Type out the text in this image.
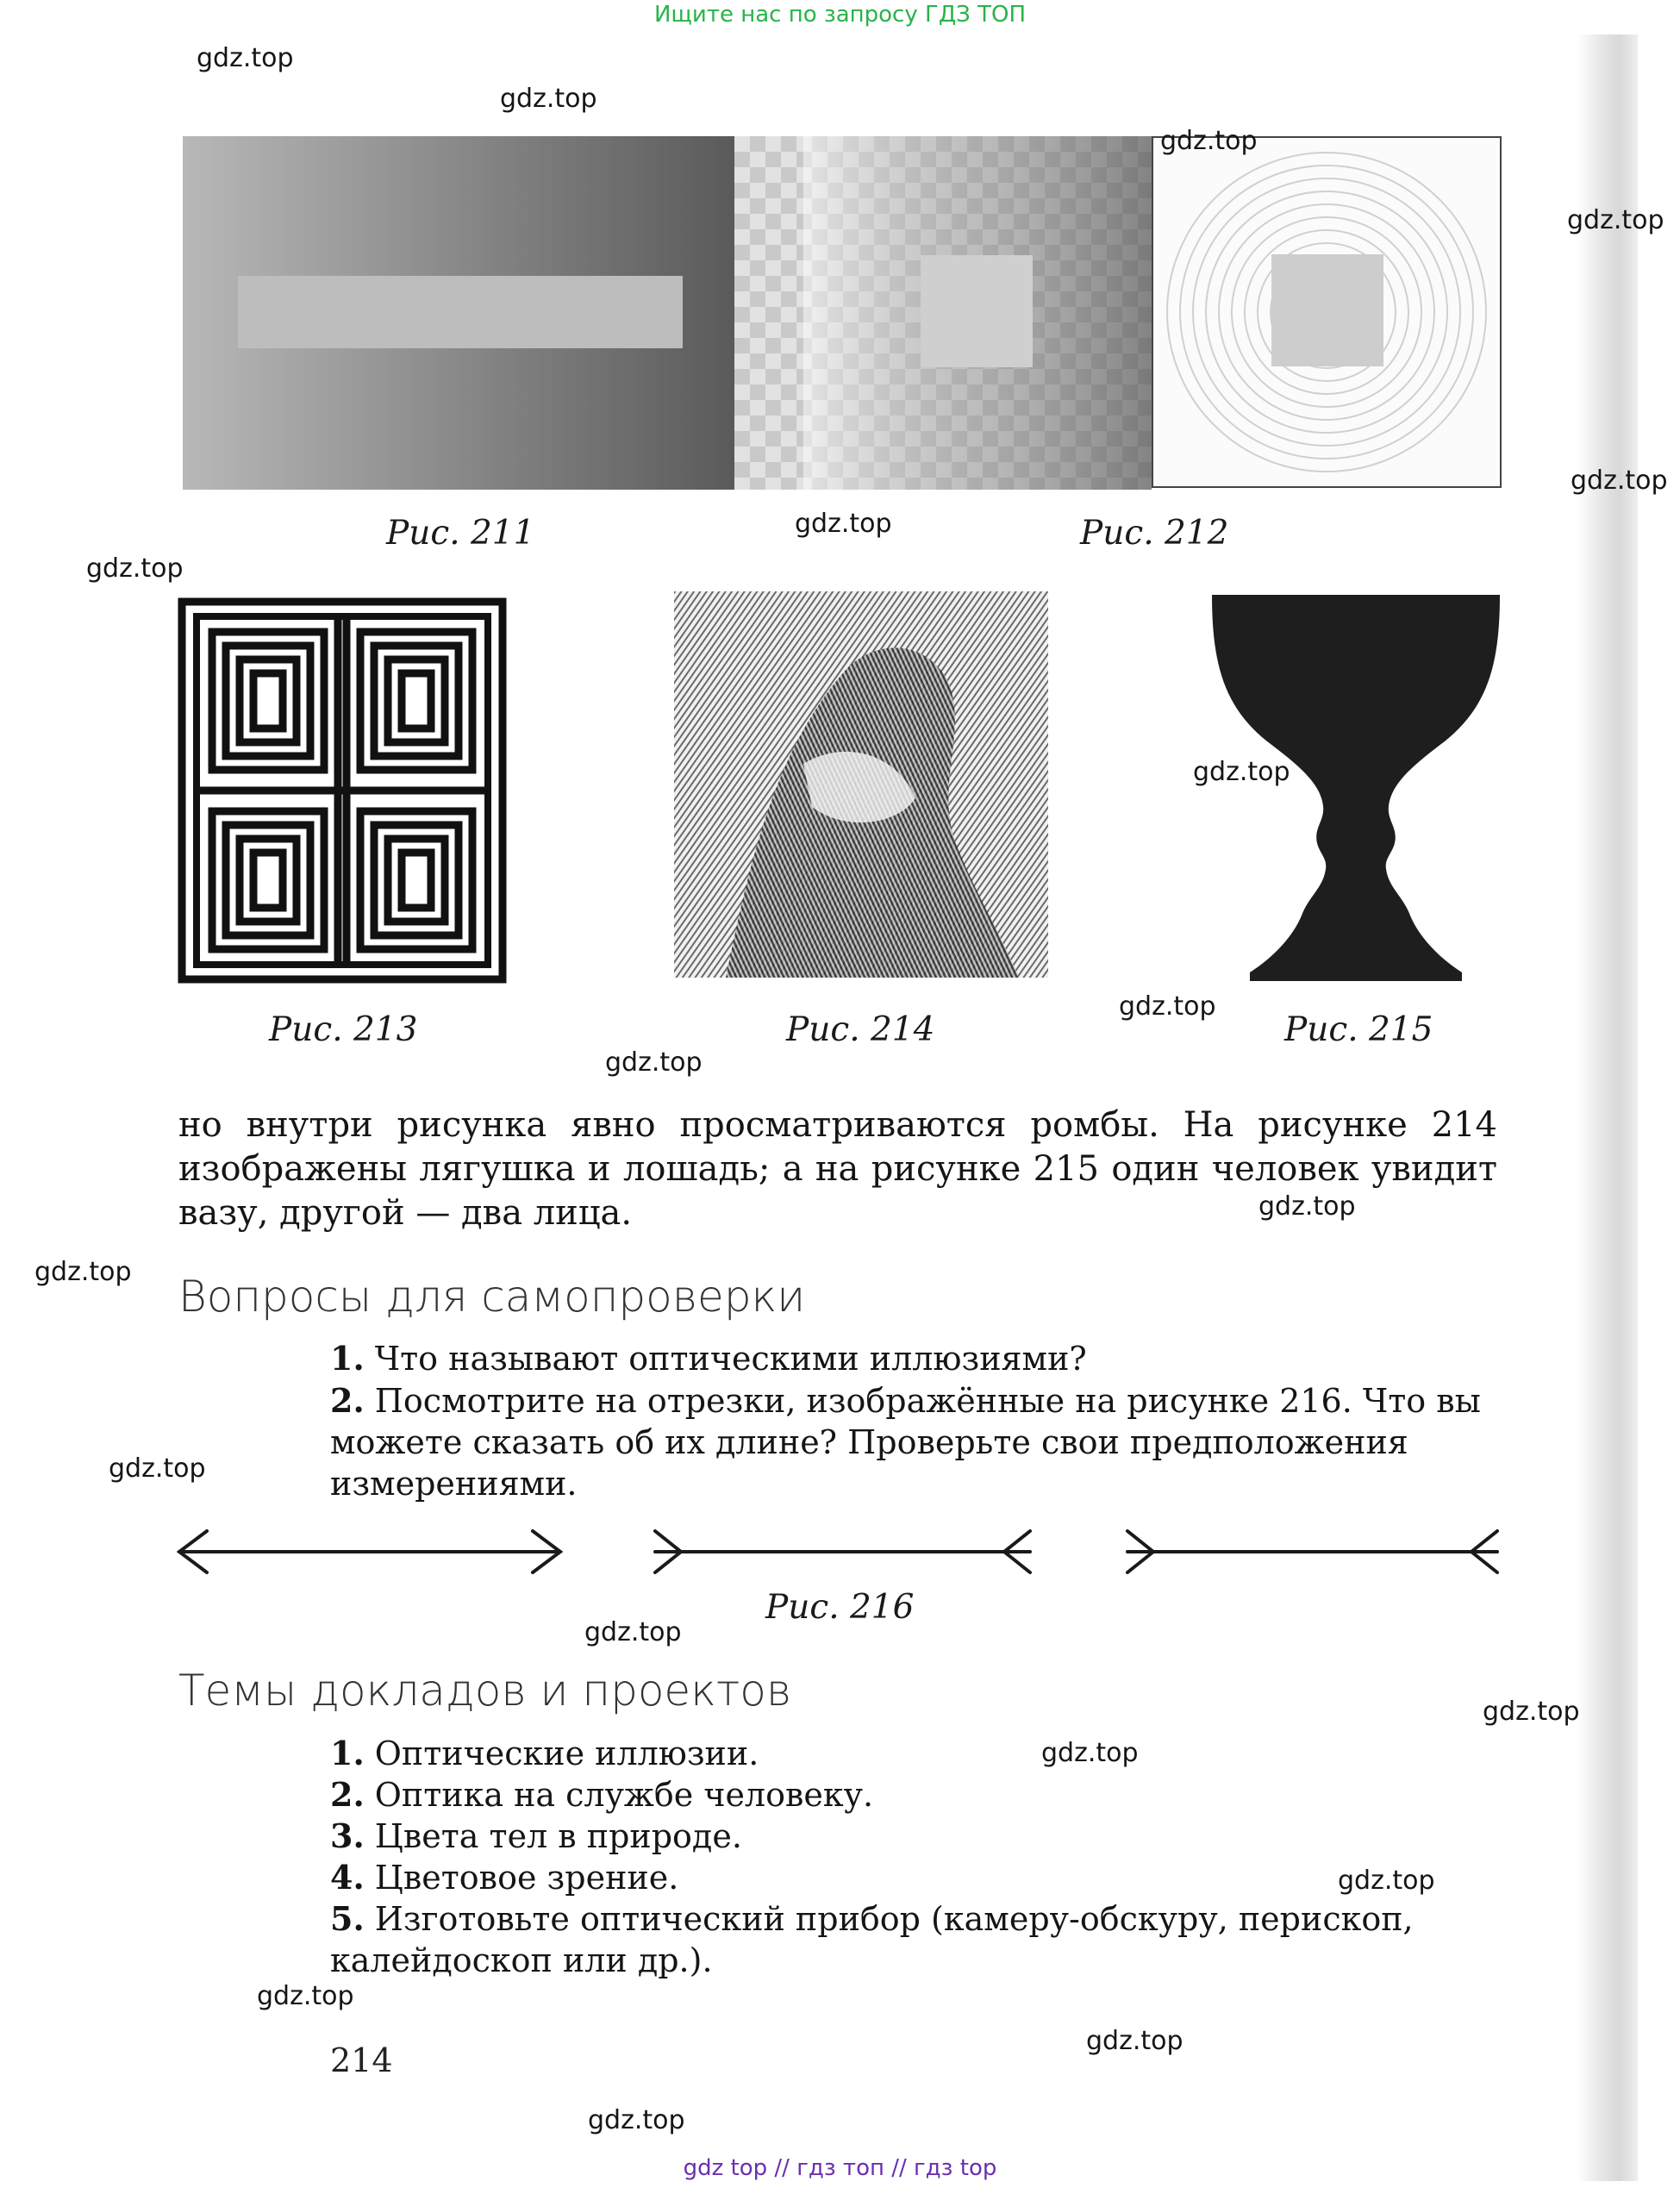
Ищите нас по запросу ГДЗ ТОП
Рис. 211	Рис. 212
Рис. 213	Рис. 214	Рис. 215
но внутри рисунка явно просматриваются ромбы. На рисунке 214 изображены лягушка и лошадь; а на рисунке 215 один человек увидит вазу, другой — два лица.
Вопросы для самопроверки

1. Что называют оптическими иллюзиями?

2. Посмотрите на отрезки, изображённые на рисунке 216. Что вы можете сказать об их длине? Проверьте свои предположения измерениями.

Рис. 216
Темы докладов и проектов

1. Оптические иллюзии.

2. Оптика на службе человеку.

3. Цвета тел в природе.

4. Цветовое зрение.

5. Изготовьте оптический прибор (камеру-обскуру, перископ, калейдоскоп или др.).

214
gdz.top
gdz.top
gdz.top
gdz.top
gdz.top
gdz.top
gdz.top
gdz.top
gdz.top
gdz.top
gdz.top
gdz.top
gdz.top
gdz.top
gdz.top
gdz.top
gdz.top
gdz.top
gdz.top
gdz.top
gdz top // гдз топ // гдз top
